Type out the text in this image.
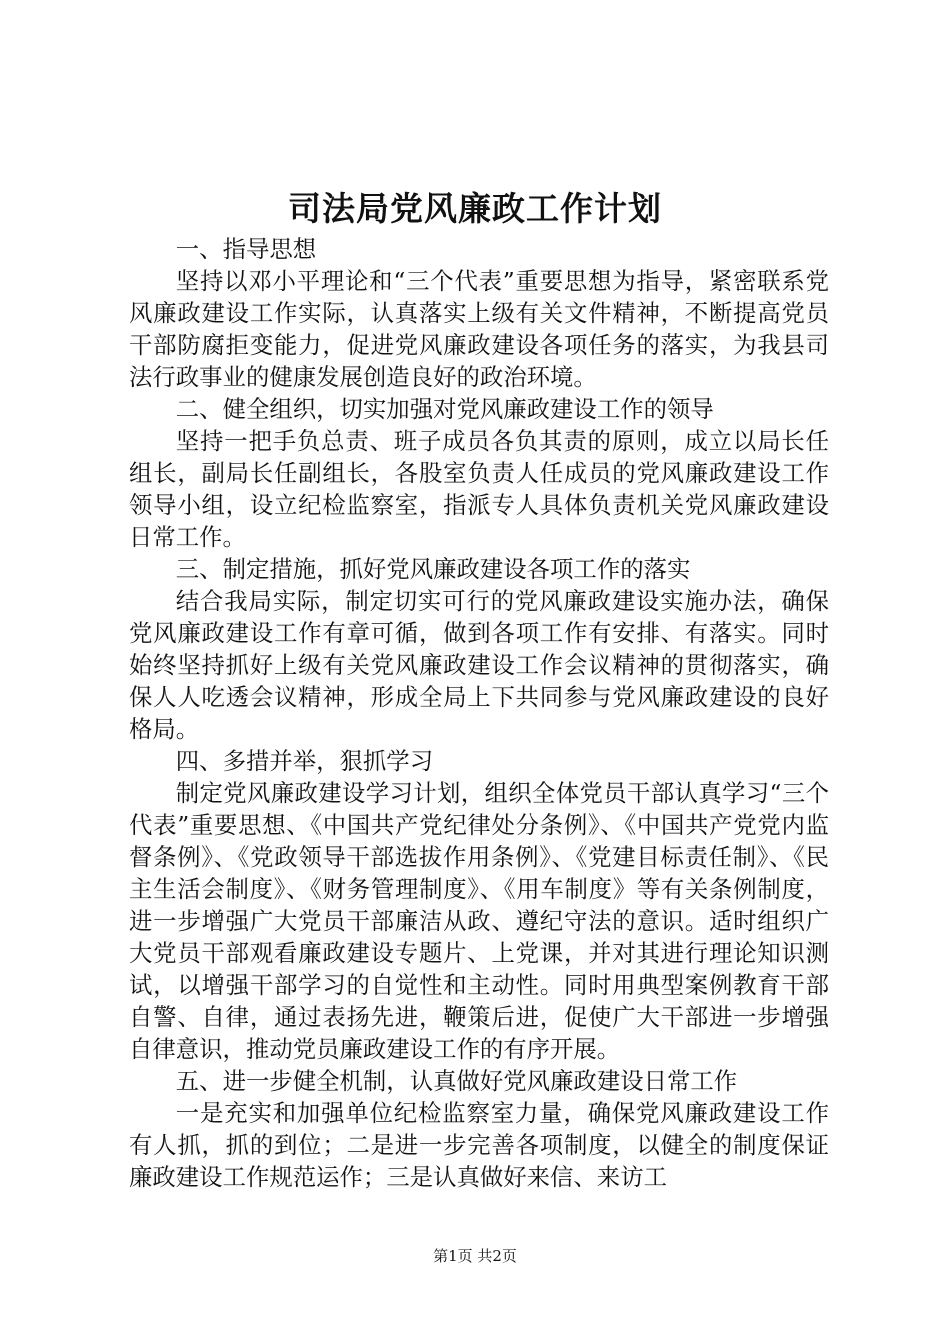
司法局党风廉政工作计划

一、指导思想

坚持以邓小平理论和“三个代表”重要思想为指导，紧密联系党风廉政建设工作实际，认真落实上级有关文件精神，不断提高党员干部防腐拒变能力，促进党风廉政建设各项任务的落实，为我县司法行政事业的健康发展创造良好的政治环境。

二、健全组织，切实加强对党风廉政建设工作的领导

坚持一把手负总责、班子成员各负其责的原则，成立以局长任组长，副局长任副组长，各股室负责人任成员的党风廉政建设工作领导小组，设立纪检监察室，指派专人具体负责机关党风廉政建设日常工作。

三、制定措施，抓好党风廉政建设各项工作的落实

结合我局实际，制定切实可行的党风廉政建设实施办法，确保党风廉政建设工作有章可循，做到各项工作有安排、有落实。同时始终坚持抓好上级有关党风廉政建设工作会议精神的贯彻落实，确保人人吃透会议精神，形成全局上下共同参与党风廉政建设的良好格局。

四、多措并举，狠抓学习

制定党风廉政建设学习计划，组织全体党员干部认真学习“三个代表”重要思想、《中国共产党纪律处分条例》、《中国共产党党内监督条例》、《党政领导干部选拔作用条例》、《党建目标责任制》、《民主生活会制度》、《财务管理制度》、《用车制度》等有关条例制度，进一步增强广大党员干部廉洁从政、遵纪守法的意识。适时组织广大党员干部观看廉政建设专题片、上党课，并对其进行理论知识测试，以增强干部学习的自觉性和主动性。同时用典型案例教育干部自警、自律，通过表扬先进，鞭策后进，促使广大干部进一步增强自律意识，推动党员廉政建设工作的有序开展。

五、进一步健全机制，认真做好党风廉政建设日常工作

一是充实和加强单位纪检监察室力量，确保党风廉政建设工作有人抓，抓的到位；二是进一步完善各项制度，以健全的制度保证廉政建设工作规范运作；三是认真做好来信、来访工

第1页 共2页
